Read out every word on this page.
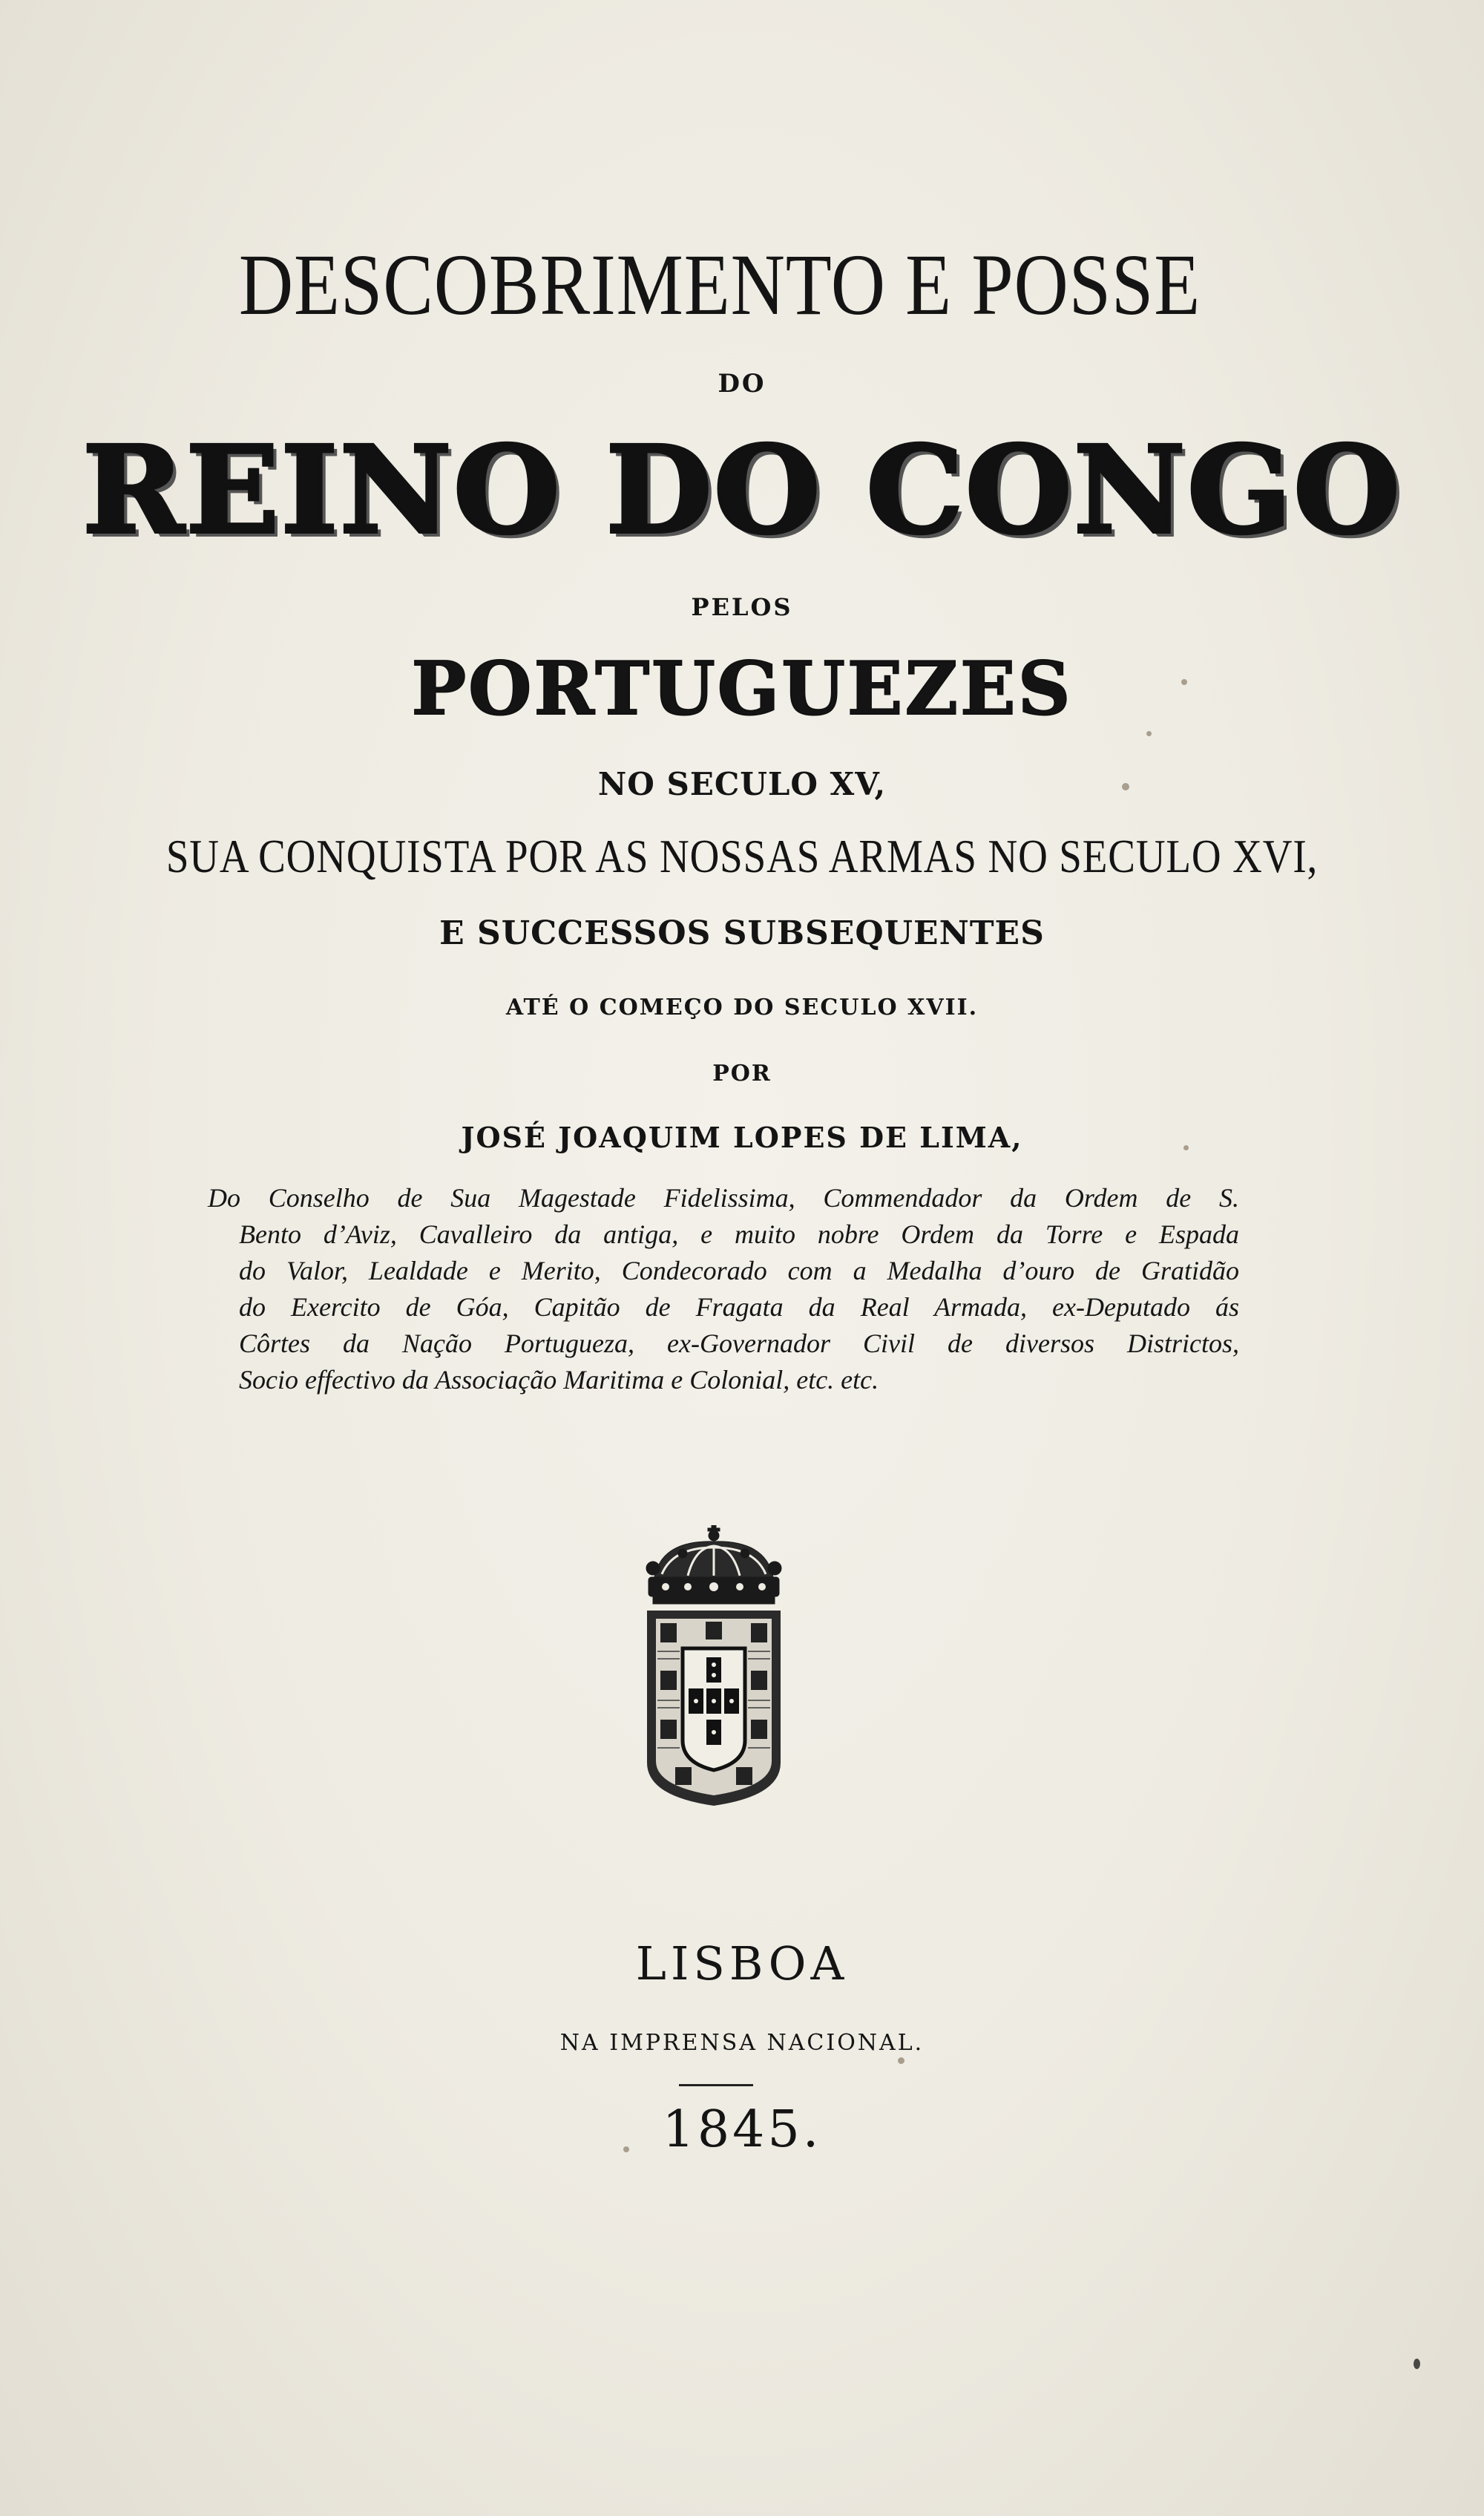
DESCOBRIMENTO E POSSE
DO
REINO DO CONGO
PELOS
PORTUGUEZES
NO SECULO XV,
SUA CONQUISTA POR AS NOSSAS ARMAS NO SECULO XVI,
E SUCCESSOS SUBSEQUENTES
ATÉ O COMEÇO DO SECULO XVII.
POR
JOSÉ JOAQUIM LOPES DE LIMA,
Do Conselho de Sua Magestade Fidelissima, Commendador da Ordem de S.
Bento d’Aviz, Cavalleiro da antiga, e muito nobre Ordem da Torre e Espada
do Valor, Lealdade e Merito, Condecorado com a Medalha d’ouro de Gratidão
do Exercito de Góa, Capitão de Fragata da Real Armada, ex-Deputado ás
Côrtes da Nação Portugueza, ex-Governador Civil de diversos Districtos,
Socio effectivo da Associação Maritima e Colonial, etc. etc.
LISBOA
NA IMPRENSA NACIONAL.
1845.
